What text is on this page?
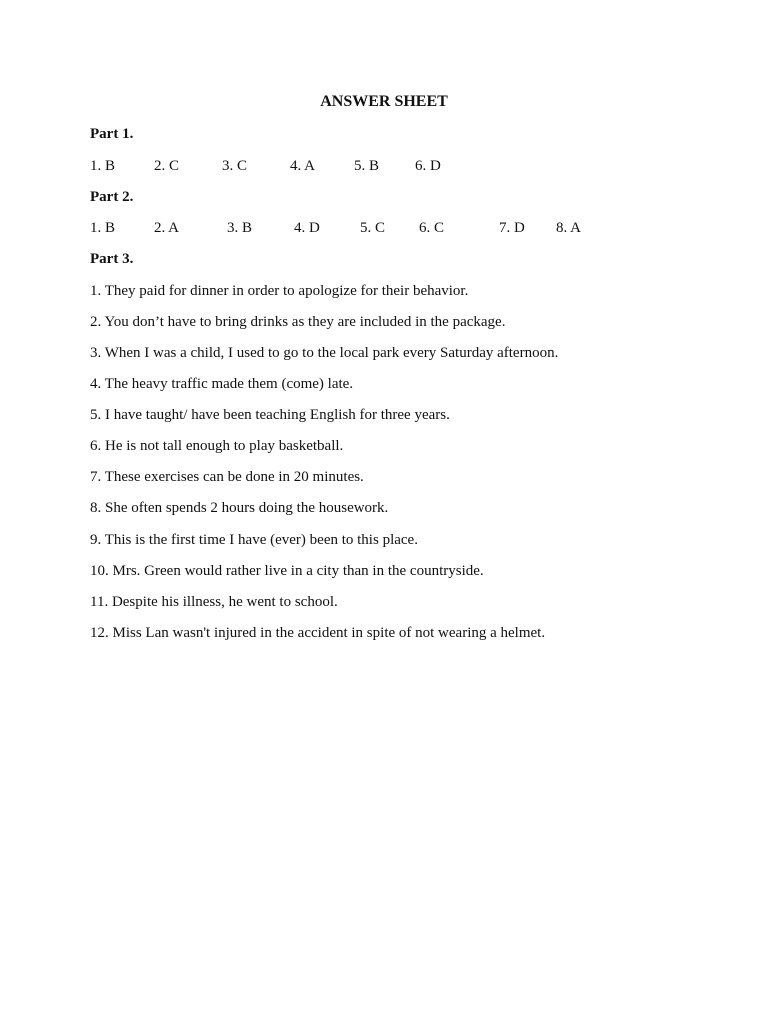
ANSWER SHEET

Part 1.

1. B	2. C	3. C	4. A	5. B 6. D

Part 2.

1. B	2. A	3. B	4. D	5. C 6. C	7. D 8. A

Part 3.

1. They paid for dinner in order to apologize for their behavior.

2. You don’t have to bring drinks as they are included in the package.

3. When I was a child, I used to go to the local park every Saturday afternoon.

4. The heavy traffic made them (come) late.

5. I have taught/ have been teaching English for three years.

6. He is not tall enough to play basketball.

7. These exercises can be done in 20 minutes.

8. She often spends 2 hours doing the housework.

9. This is the first time I have (ever) been to this place.

10. Mrs. Green would rather live in a city than in the countryside.

11. Despite his illness, he went to school.

12. Miss Lan wasn't injured in the accident in spite of not wearing a helmet.
